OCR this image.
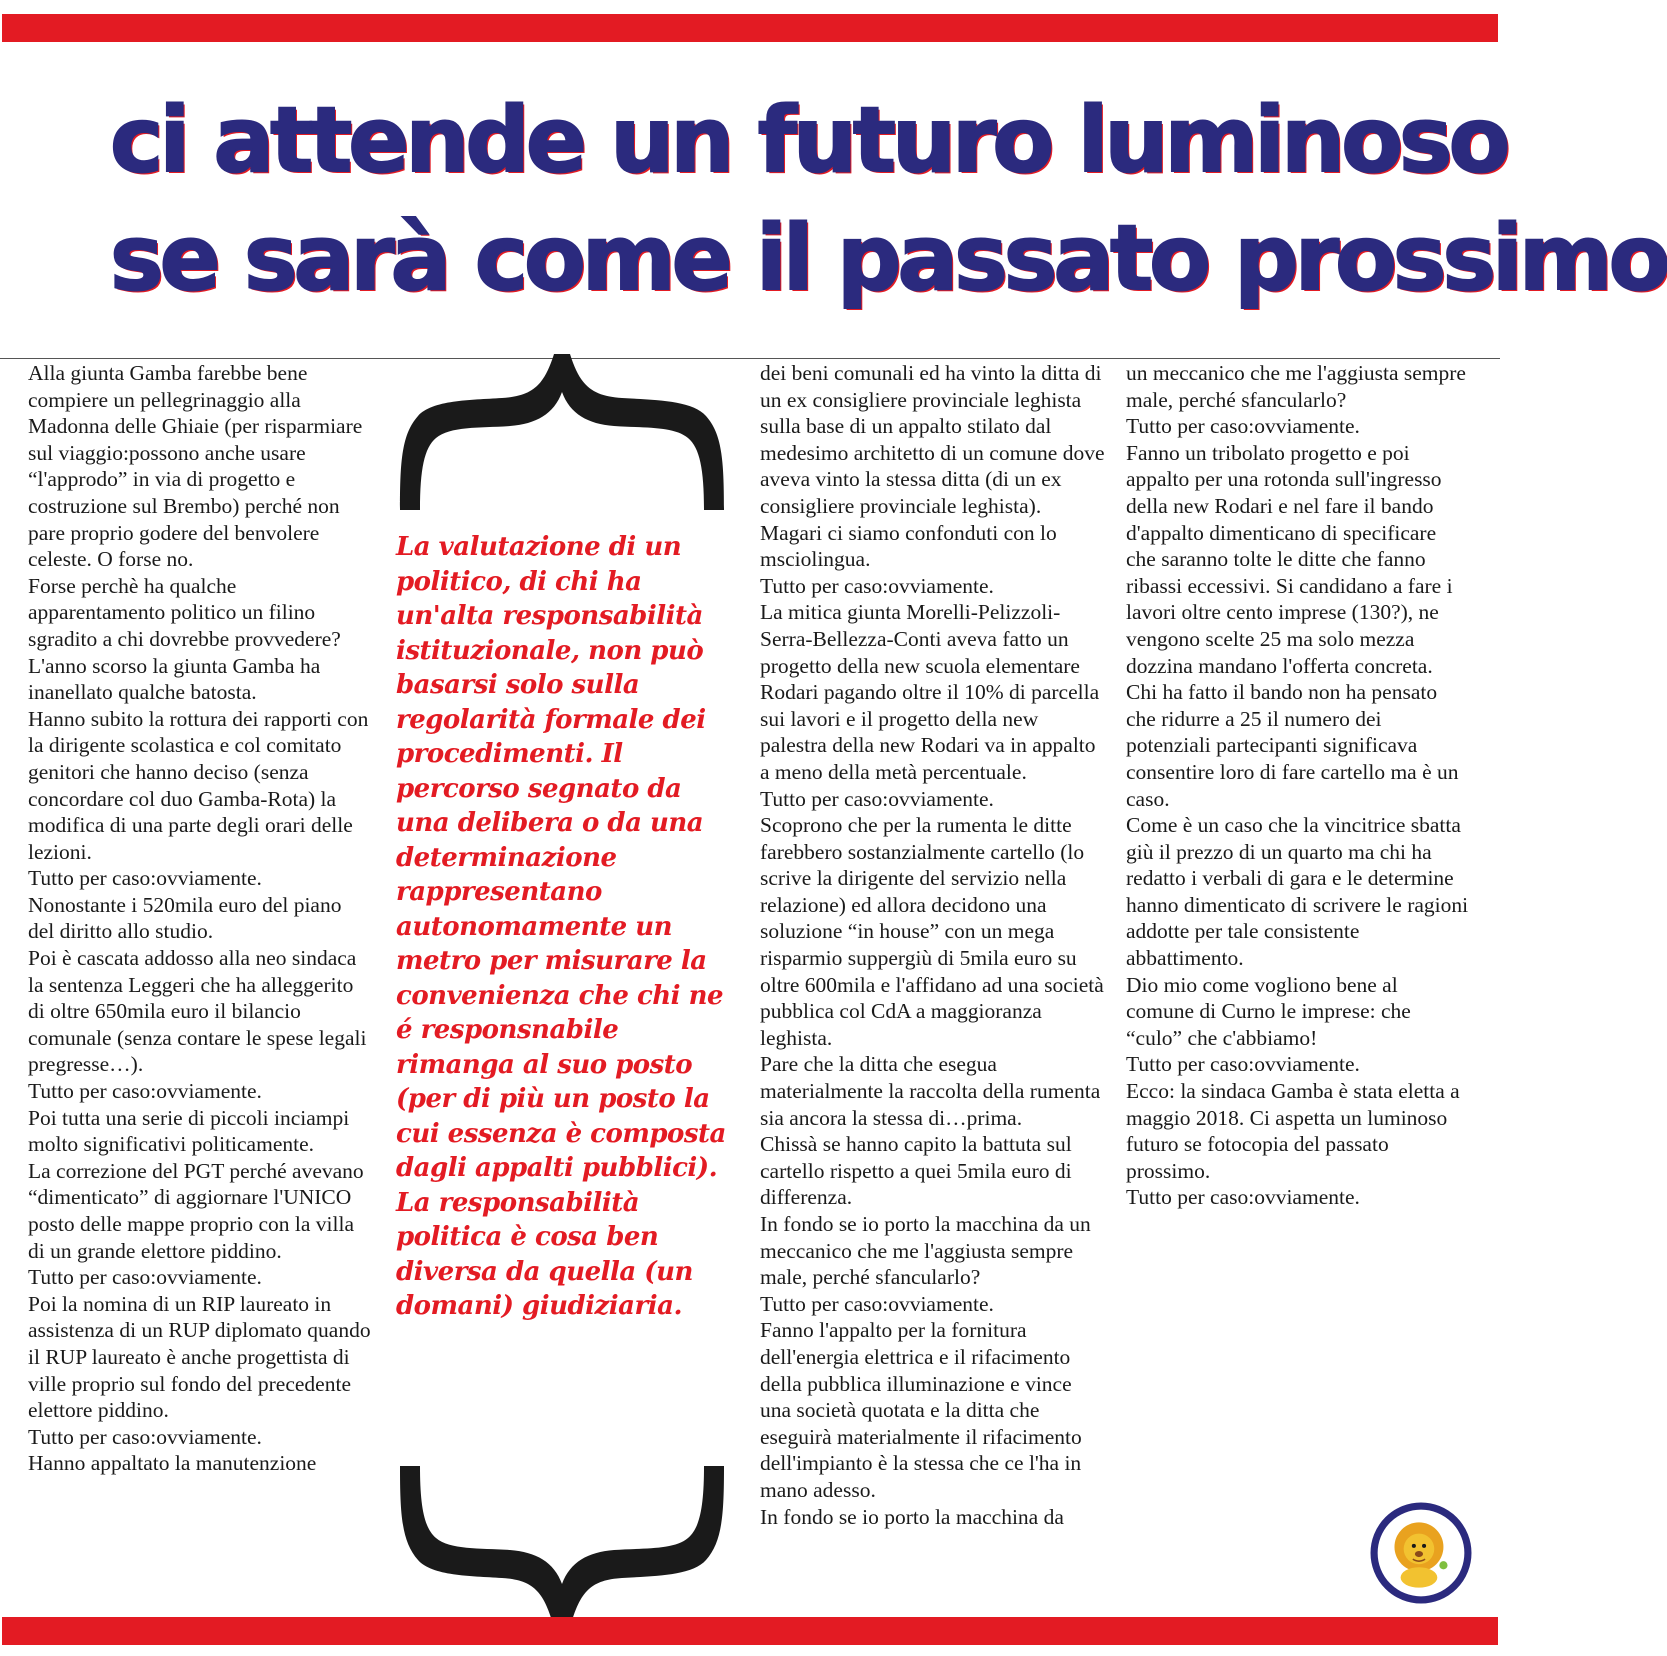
ci attende un futuro luminoso
se sarà come il passato prossimo

Alla giunta Gamba farebbe bene compiere un pellegrinaggio alla Madonna delle Ghiaie (per risparmiare sul viaggio:possono anche usare “l'approdo” in via di progetto e costruzione sul Brembo) perché non pare proprio godere del benvolere celeste. O forse no.

Forse perchè ha qualche apparentamento politico un filino sgradito a chi dovrebbe provvedere?

L'anno scorso la giunta Gamba ha inanellato qualche batosta.

Hanno subito la rottura dei rapporti con la dirigente scolastica e col comitato genitori che hanno deciso (senza concordare col duo Gamba-Rota) la modifica di una parte degli orari delle lezioni.

Tutto per caso:ovviamente.

Nonostante i 520mila euro del piano del diritto allo studio.

Poi è cascata addosso alla neo sindaca la sentenza Leggeri che ha alleggerito di oltre 650mila euro il bilancio comunale (senza contare le spese legali pregresse…).

Tutto per caso:ovviamente.

Poi tutta una serie di piccoli inciampi molto significativi politicamente.

La correzione del PGT perché avevano “dimenticato” di aggiornare l'UNICO posto delle mappe proprio con la villa di un grande elettore piddino.

Tutto per caso:ovviamente.

Poi la nomina di un RIP laureato in assistenza di un RUP diplomato quando il RUP laureato è anche progettista di ville proprio sul fondo del precedente elettore piddino.

Tutto per caso:ovviamente.

Hanno appaltato la manutenzione

La valutazione di un politico, di chi ha un'alta responsabilità istituzionale, non può basarsi solo sulla regolarità formale dei procedimenti. Il percorso segnato da una delibera o da una determinazione rappresentano autonomamente un metro per misurare la convenienza che chi ne é responsnabile rimanga al suo posto (per di più un posto la cui essenza è composta dagli appalti pubblici). La responsabilità politica è cosa ben diversa da quella (un domani) giudiziaria.

dei beni comunali ed ha vinto la ditta di un ex consigliere provinciale leghista sulla base di un appalto stilato dal medesimo architetto di un comune dove aveva vinto la stessa ditta (di un ex consigliere provinciale leghista). Magari ci siamo confonduti con lo msciolingua.

Tutto per caso:ovviamente.

La mitica giunta Morelli-Pelizzoli-Serra-Bellezza-Conti aveva fatto un progetto della new scuola elementare Rodari pagando oltre il 10% di parcella sui lavori e il progetto della new palestra della new Rodari va in appalto a meno della metà percentuale.

Tutto per caso:ovviamente.

Scoprono che per la rumenta le ditte farebbero sostanzialmente cartello (lo scrive la dirigente del servizio nella relazione) ed allora decidono una soluzione “in house” con un mega risparmio suppergiù di 5mila euro su oltre 600mila e l'affidano ad una società pubblica col CdA a maggioranza leghista.

Pare che la ditta che esegua materialmente la raccolta della rumenta sia ancora la stessa di…prima.

Chissà se hanno capito la battuta sul cartello rispetto a quei 5mila euro di differenza.

In fondo se io porto la macchina da un meccanico che me l'aggiusta sempre male, perché sfancularlo?

Tutto per caso:ovviamente.

Fanno l'appalto per la fornitura dell'energia elettrica e il rifacimento della pubblica illuminazione e vince una società quotata e la ditta che eseguirà materialmente il rifacimento dell'impianto è la stessa che ce l'ha in mano adesso.

In fondo se io porto la macchina da

un meccanico che me l'aggiusta sempre male, perché sfancularlo?

Tutto per caso:ovviamente.

Fanno un tribolato progetto e poi appalto per una rotonda sull'ingresso della new Rodari e nel fare il bando d'appalto dimenticano di specificare che saranno tolte le ditte che fanno ribassi eccessivi. Si candidano a fare i lavori oltre cento imprese (130?), ne vengono scelte 25 ma solo mezza dozzina mandano l'offerta concreta.

Chi ha fatto il bando non ha pensato che ridurre a 25 il numero dei potenziali partecipanti significava consentire loro di fare cartello ma è un caso.

Come è un caso che la vincitrice sbatta giù il prezzo di un quarto ma chi ha redatto i verbali di gara e le determine hanno dimenticato di scrivere le ragioni addotte per tale consistente abbattimento.

Dio mio come vogliono bene al comune di Curno le imprese: che “culo” che c'abbiamo!

Tutto per caso:ovviamente.

Ecco: la sindaca Gamba è stata eletta a maggio 2018. Ci aspetta un luminoso futuro se fotocopia del passato prossimo.

Tutto per caso:ovviamente.
